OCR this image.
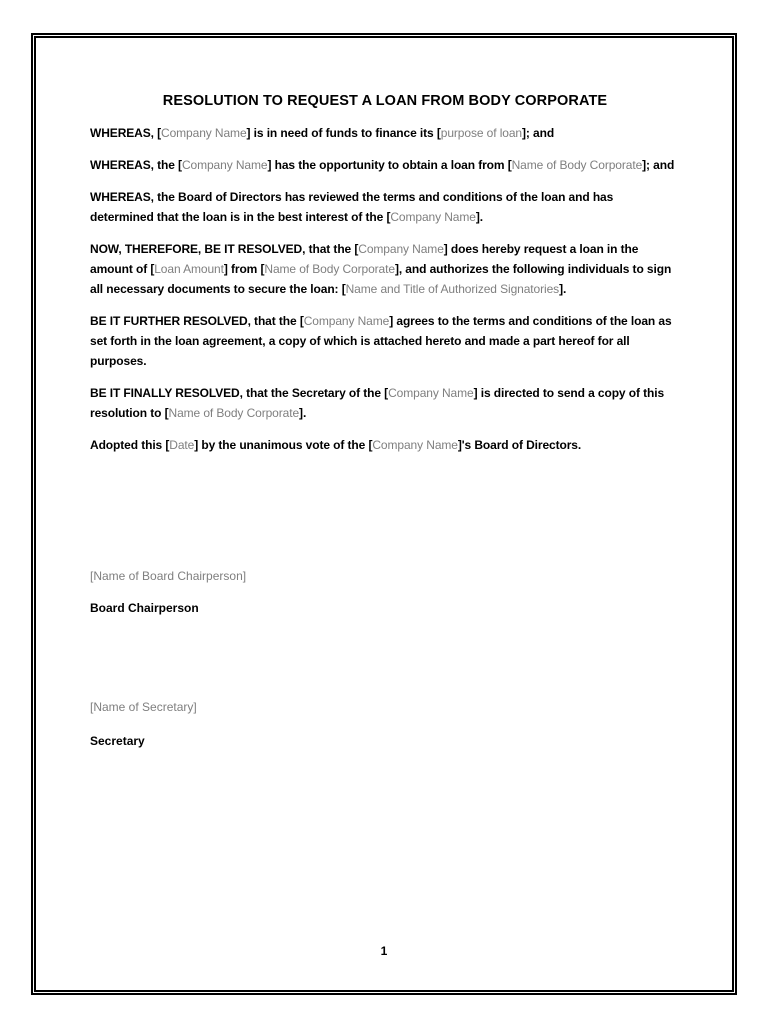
RESOLUTION TO REQUEST A LOAN FROM BODY CORPORATE
WHEREAS, [Company Name] is in need of funds to finance its [purpose of loan]; and
WHEREAS, the [Company Name] has the opportunity to obtain a loan from [Name of Body Corporate]; and
WHEREAS, the Board of Directors has reviewed the terms and conditions of the loan and has determined that the loan is in the best interest of the [Company Name].
NOW, THEREFORE, BE IT RESOLVED, that the [Company Name] does hereby request a loan in the amount of [Loan Amount] from [Name of Body Corporate], and authorizes the following individuals to sign all necessary documents to secure the loan: [Name and Title of Authorized Signatories].
BE IT FURTHER RESOLVED, that the [Company Name] agrees to the terms and conditions of the loan as set forth in the loan agreement, a copy of which is attached hereto and made a part hereof for all purposes.
BE IT FINALLY RESOLVED, that the Secretary of the [Company Name] is directed to send a copy of this resolution to [Name of Body Corporate].
Adopted this [Date] by the unanimous vote of the [Company Name]'s Board of Directors.
[Name of Board Chairperson]
Board Chairperson
[Name of Secretary]
Secretary
1
